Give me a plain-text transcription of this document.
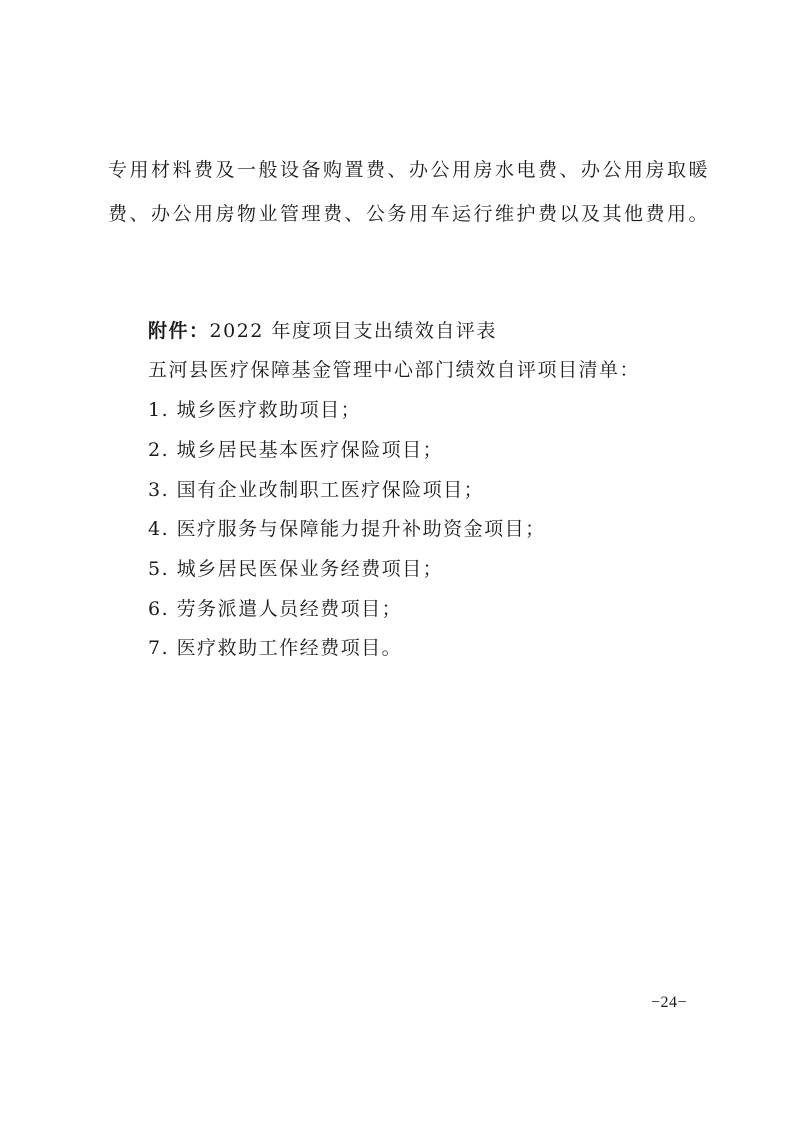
专用材料费及一般设备购置费、办公用房水电费、办公用房取暖
费、办公用房物业管理费、公务用车运行维护费以及其他费用。
附件：2022 年度项目支出绩效自评表
五河县医疗保障基金管理中心部门绩效自评项目清单：
1. 城乡医疗救助项目；
2. 城乡居民基本医疗保险项目；
3. 国有企业改制职工医疗保险项目；
4. 医疗服务与保障能力提升补助资金项目；
5. 城乡居民医保业务经费项目；
6. 劳务派遣人员经费项目；
7. 医疗救助工作经费项目。
−24−
